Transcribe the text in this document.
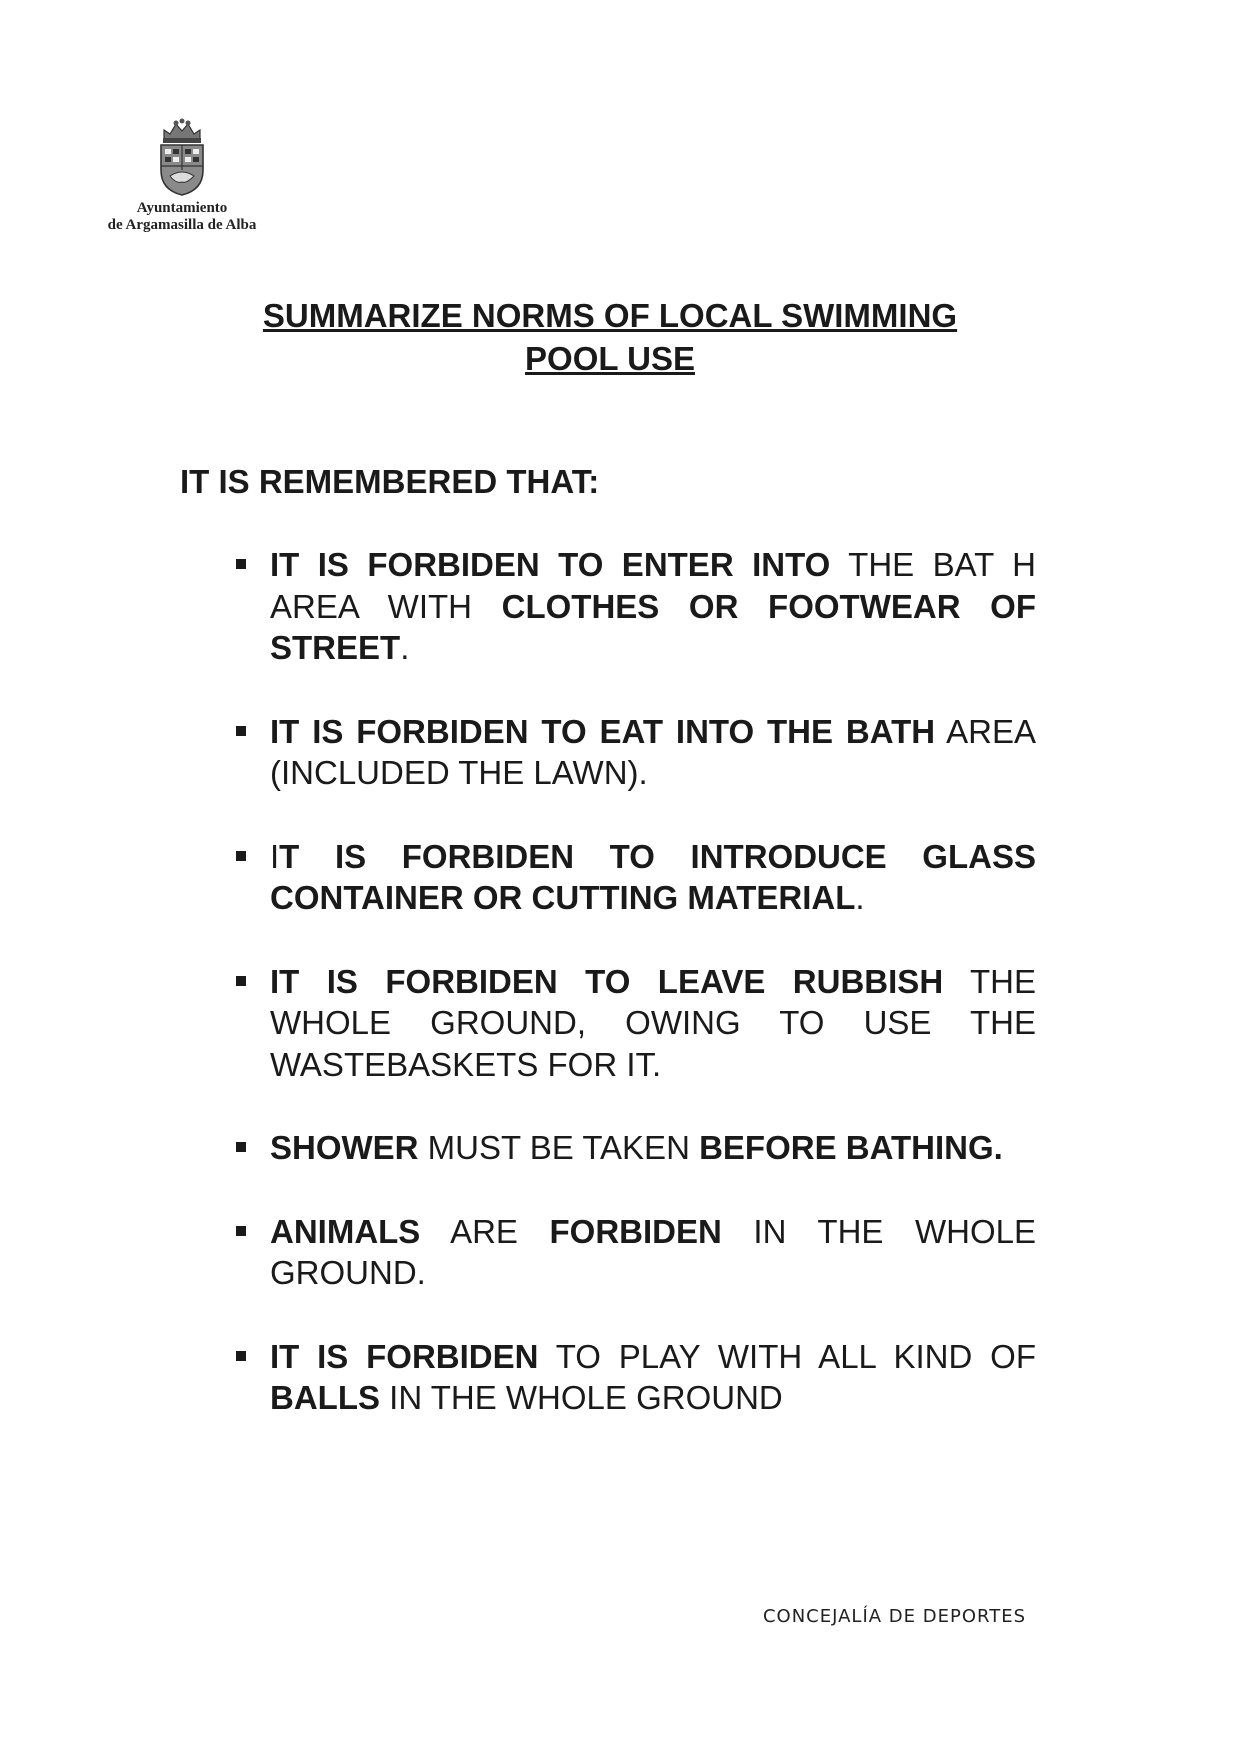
Ayuntamiento
de Argamasilla de Alba
SUMMARIZE NORMS OF LOCAL SWIMMING
POOL USE
IT IS REMEMBERED THAT:
IT IS FORBIDEN TO ENTER INTO THE BAT H AREA WITH CLOTHES OR FOOTWEAR OF STREET.
IT IS FORBIDEN TO EAT INTO THE BATH AREA (INCLUDED THE LAWN).
IT IS FORBIDEN TO INTRODUCE GLASS CONTAINER OR CUTTING MATERIAL.
IT IS FORBIDEN TO LEAVE RUBBISH THE WHOLE GROUND, OWING TO USE THE WASTEBASKETS FOR IT.
SHOWER MUST BE TAKEN BEFORE BATHING.
ANIMALS ARE FORBIDEN IN THE WHOLE GROUND.
IT IS FORBIDEN TO PLAY WITH ALL KIND OF BALLS IN THE WHOLE GROUND
CONCEJALÍA DE DEPORTES
